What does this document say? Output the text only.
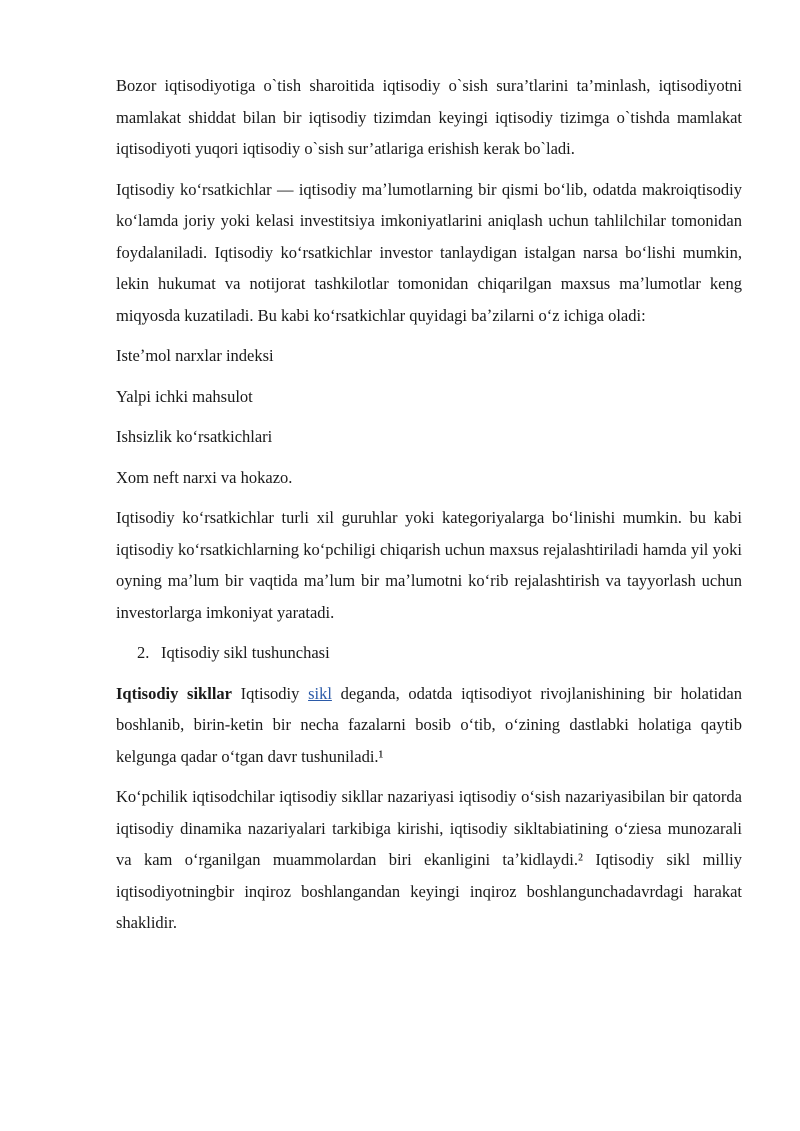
Bozor iqtisodiyotiga o`tish sharoitida iqtisodiy o`sish sura’tlarini ta’minlash, iqtisodiyotni mamlakat shiddat bilan bir iqtisodiy tizimdan keyingi iqtisodiy tizimga o`tishda mamlakat iqtisodiyoti yuqori iqtisodiy o`sish sur’atlariga erishish kerak bo`ladi.

Iqtisodiy koʻrsatkichlar — iqtisodiy maʼlumotlarning bir qismi boʻlib, odatda makroiqtisodiy koʻlamda joriy yoki kelasi investitsiya imkoniyatlarini aniqlash uchun tahlilchilar tomonidan foydalaniladi. Iqtisodiy koʻrsatkichlar investor tanlaydigan istalgan narsa boʻlishi mumkin, lekin hukumat va notijorat tashkilotlar tomonidan chiqarilgan maxsus maʼlumotlar keng miqyosda kuzatiladi. Bu kabi koʻrsatkichlar quyidagi baʼzilarni oʻz ichiga oladi:

Isteʼmol narxlar indeksi
Yalpi ichki mahsulot
Ishsizlik koʻrsatkichlari
Xom neft narxi va hokazo.

Iqtisodiy koʻrsatkichlar turli xil guruhlar yoki kategoriyalarga boʻlinishi mumkin. bu kabi iqtisodiy koʻrsatkichlarning koʻpchiligi chiqarish uchun maxsus rejalashtiriladi hamda yil yoki oyning maʼlum bir vaqtida maʼlum bir maʼlumotni koʻrib rejalashtirish va tayyorlash uchun investorlarga imkoniyat yaratadi.

2. Iqtisodiy sikl tushunchasi

Iqtisodiy sikllar Iqtisodiy sikl deganda, odatda iqtisodiyot rivojlanishining bir holatidan boshlanib, birin-ketin bir necha fazalarni bosib oʻtib, oʻzining dastlabki holatiga qaytib kelgunga qadar oʻtgan davr tushuniladi.¹

Koʻpchilik iqtisodchilar iqtisodiy sikllar nazariyasi iqtisodiy oʻsish nazariyasibilan bir qatorda iqtisodiy dinamika nazariyalari tarkibiga kirishi, iqtisodiy sikltabiatining oʻziesa munozarali va kam oʻrganilgan muammolardan biri ekanligini taʼkidlaydi.² Iqtisodiy sikl milliy iqtisodiyotningbir inqiroz boshlangandan keyingi inqiroz boshlangunchadavrdagi harakat shaklidir.
